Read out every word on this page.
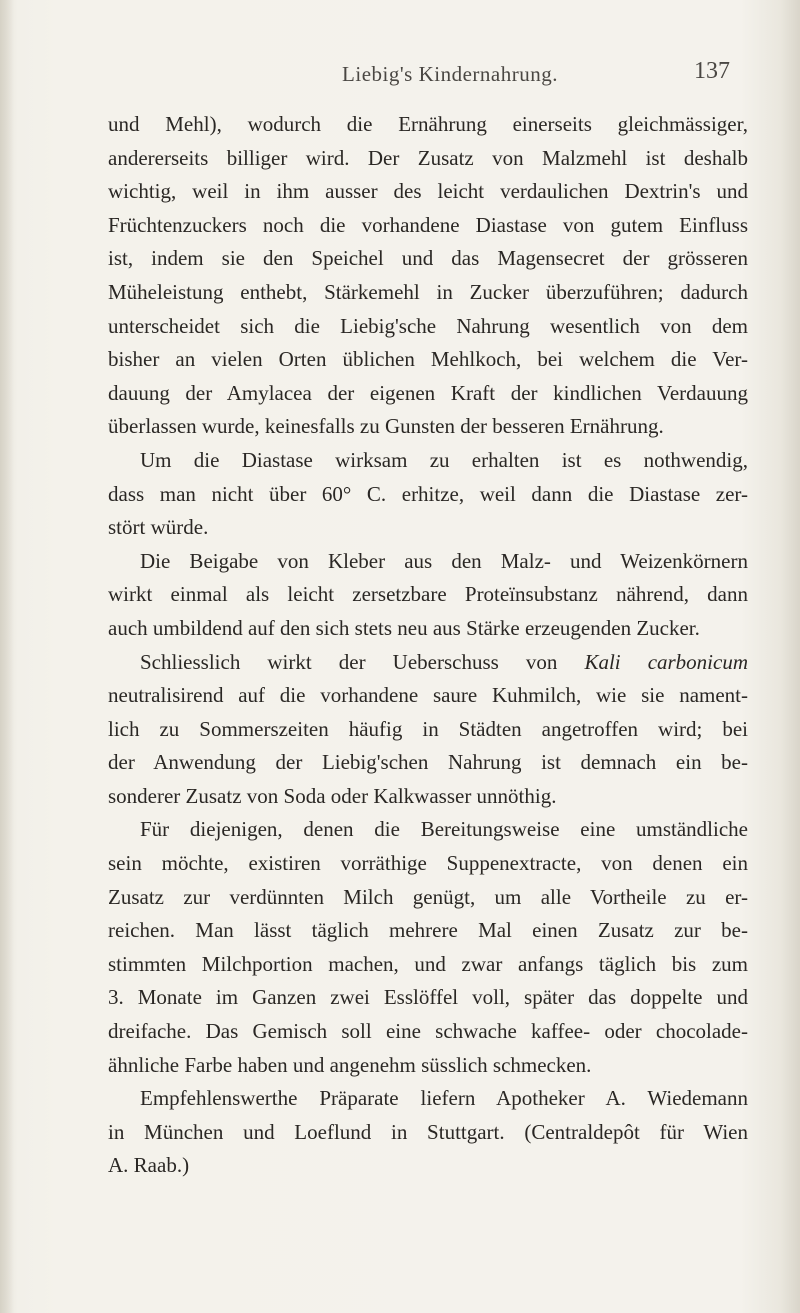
Liebig's Kindernahrung.	137
und Mehl), wodurch die Ernährung einerseits gleichmässiger,
andererseits billiger wird. Der Zusatz von Malzmehl ist deshalb
wichtig, weil in ihm ausser des leicht verdaulichen Dextrin's und
Früchtenzuckers noch die vorhandene Diastase von gutem Einfluss
ist, indem sie den Speichel und das Magensecret der grösseren
Müheleistung enthebt, Stärkemehl in Zucker überzuführen; dadurch
unterscheidet sich die Liebig'sche Nahrung wesentlich von dem
bisher an vielen Orten üblichen Mehlkoch, bei welchem die Ver-
dauung der Amylacea der eigenen Kraft der kindlichen Verdauung
überlassen wurde, keinesfalls zu Gunsten der besseren Ernährung.
Um die Diastase wirksam zu erhalten ist es nothwendig,
dass man nicht über 60° C. erhitze, weil dann die Diastase zer-
stört würde.
Die Beigabe von Kleber aus den Malz- und Weizenkörnern
wirkt einmal als leicht zersetzbare Proteïnsubstanz nährend, dann
auch umbildend auf den sich stets neu aus Stärke erzeugenden Zucker.
Schliesslich wirkt der Ueberschuss von Kali carbonicum
neutralisirend auf die vorhandene saure Kuhmilch, wie sie nament-
lich zu Sommerszeiten häufig in Städten angetroffen wird; bei
der Anwendung der Liebig'schen Nahrung ist demnach ein be-
sonderer Zusatz von Soda oder Kalkwasser unnöthig.
Für diejenigen, denen die Bereitungsweise eine umständliche
sein möchte, existiren vorräthige Suppenextracte, von denen ein
Zusatz zur verdünnten Milch genügt, um alle Vortheile zu er-
reichen. Man lässt täglich mehrere Mal einen Zusatz zur be-
stimmten Milchportion machen, und zwar anfangs täglich bis zum
3. Monate im Ganzen zwei Esslöffel voll, später das doppelte und
dreifache. Das Gemisch soll eine schwache kaffee- oder chocolade-
ähnliche Farbe haben und angenehm süsslich schmecken.
Empfehlenswerthe Präparate liefern Apotheker A. Wiedemann
in München und Loeflund in Stuttgart. (Centraldepôt für Wien
A. Raab.)
